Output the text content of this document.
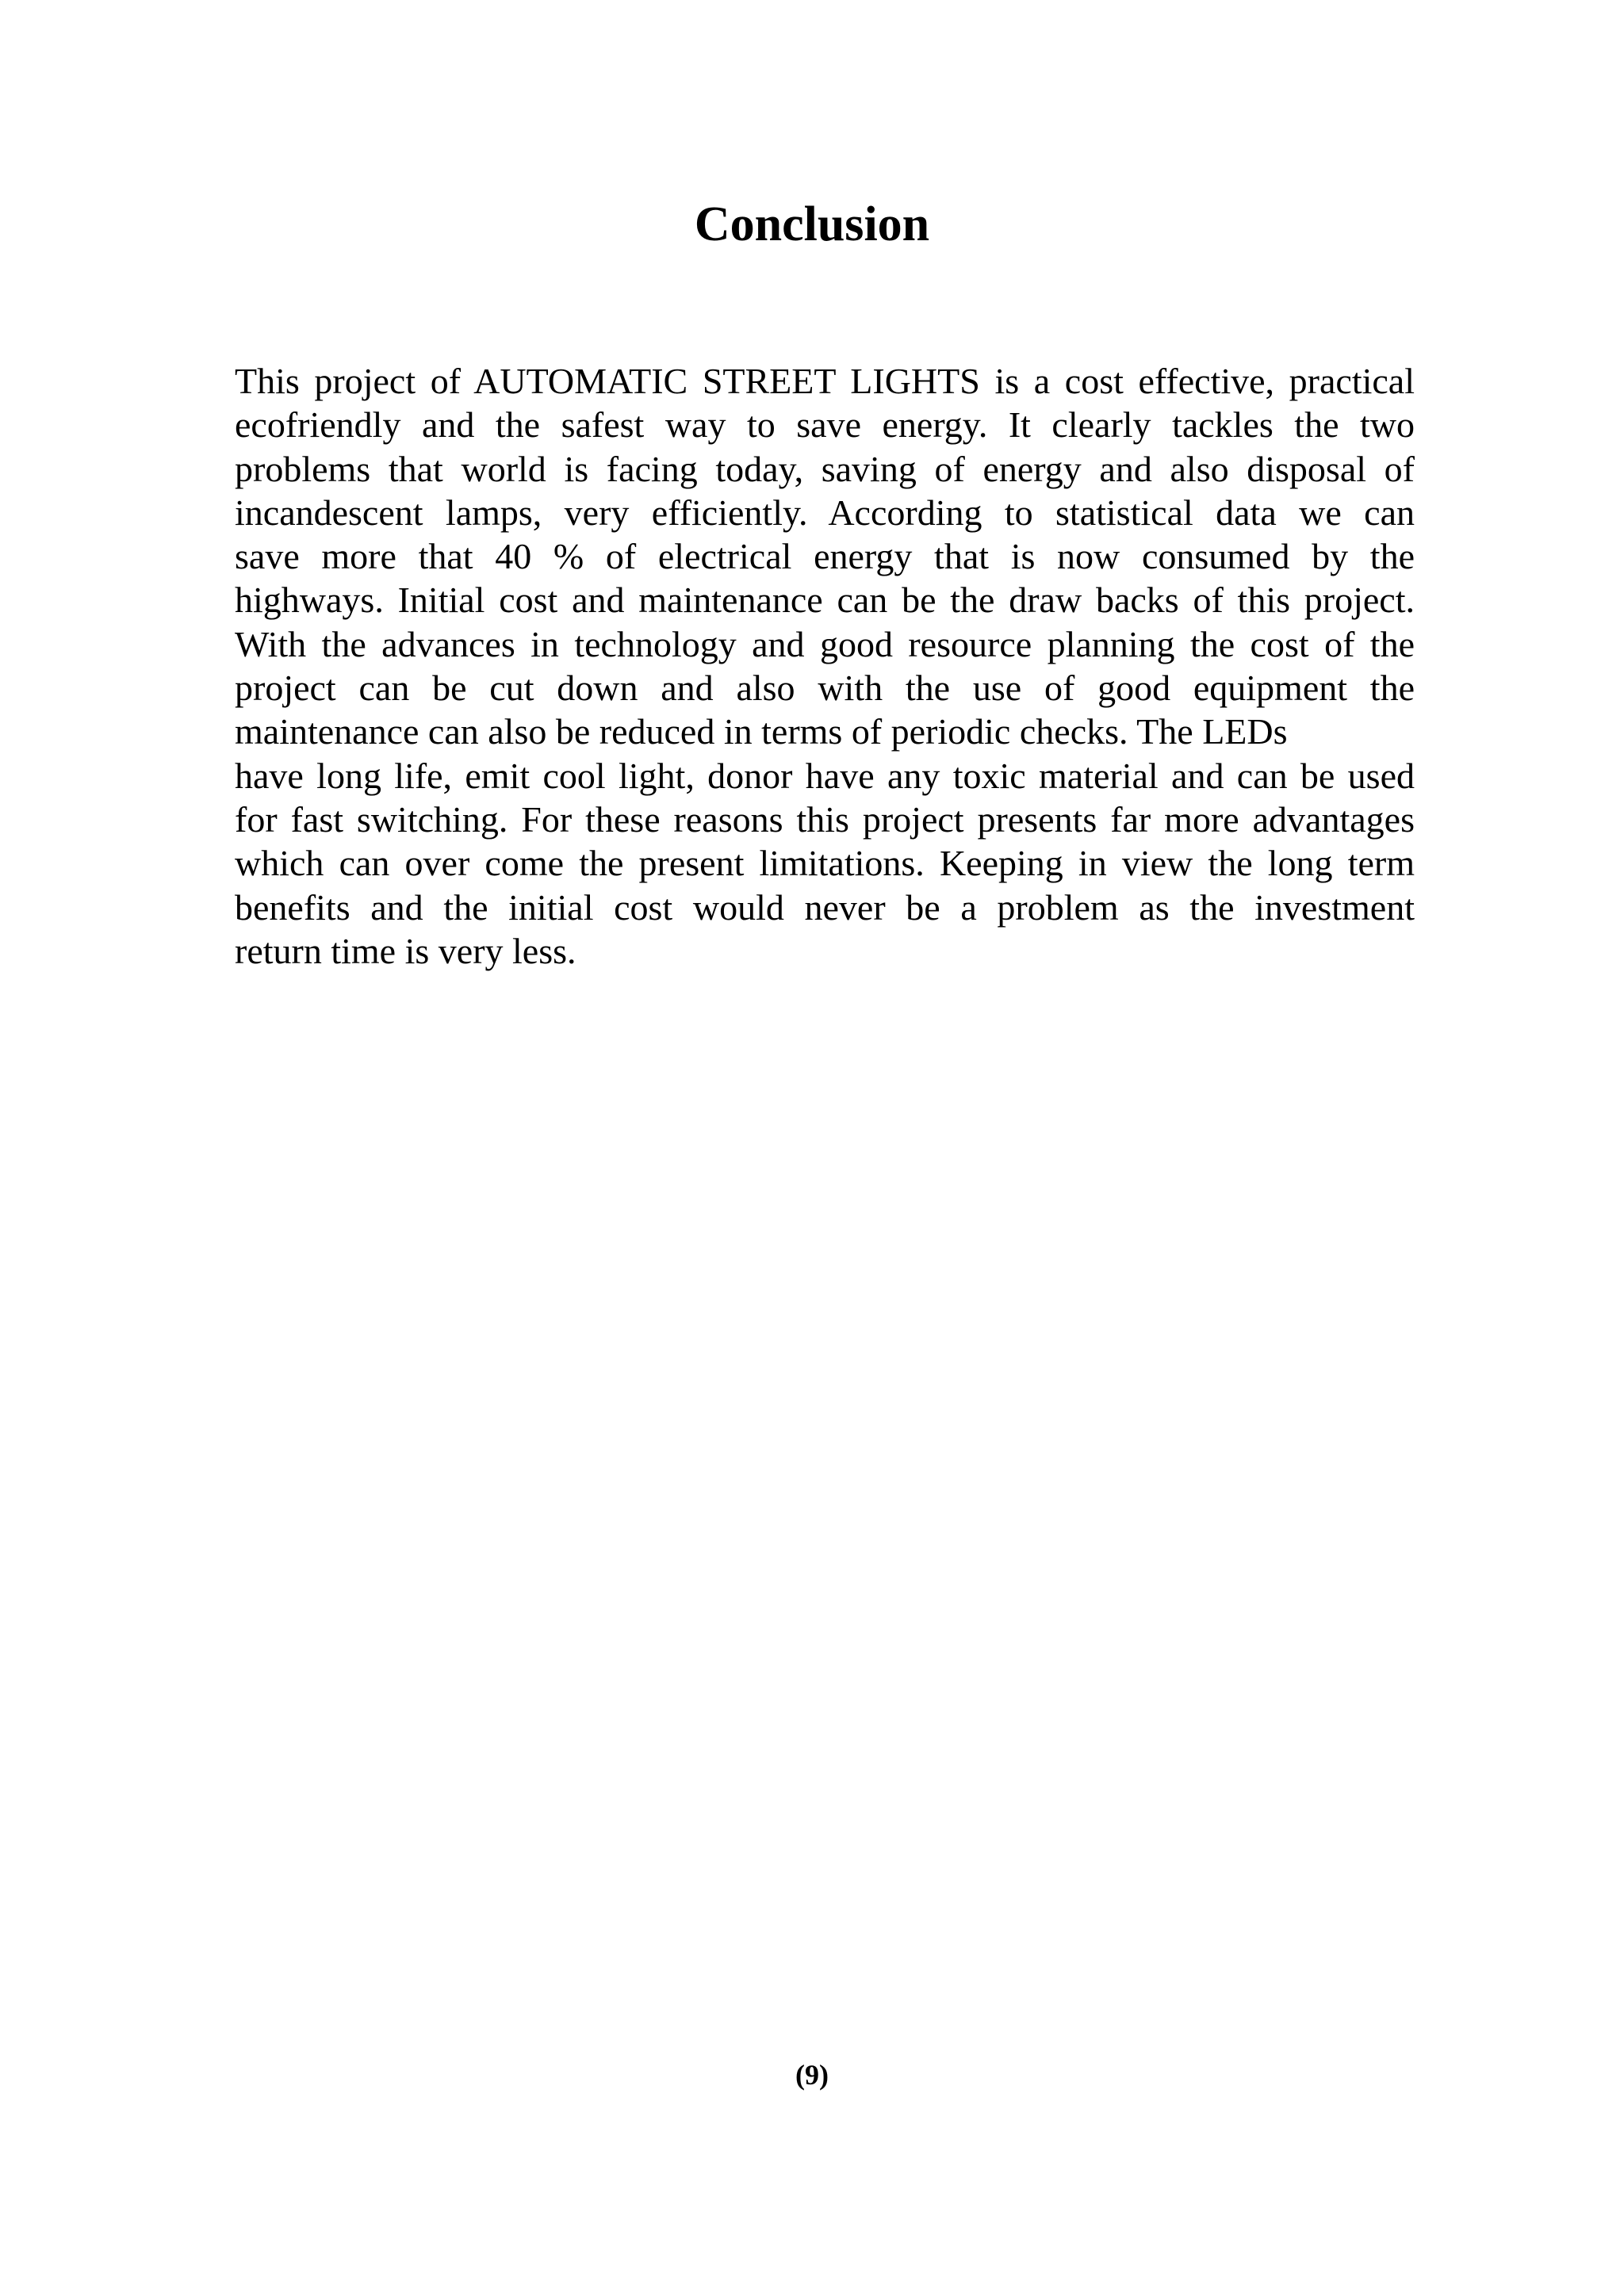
Conclusion
This project of AUTOMATIC STREET LIGHTS is a cost effective, practical
ecofriendly and the safest way to save energy. It clearly tackles the two
problems that world is facing today, saving of energy and also disposal of
incandescent lamps, very efficiently. According to statistical data we can
save more that 40 % of electrical energy that is now consumed by the
highways. Initial cost and maintenance can be the draw backs of this project.
With the advances in technology and good resource planning the cost of the
project can be cut down and also with the use of good equipment the
maintenance can also be reduced in terms of periodic checks. The LEDs
have long life, emit cool light, donor have any toxic material and can be used
for fast switching. For these reasons this project presents far more advantages
which can over come the present limitations. Keeping in view the long term
benefits and the initial cost would never be a problem as the investment
return time is very less.
(9)
